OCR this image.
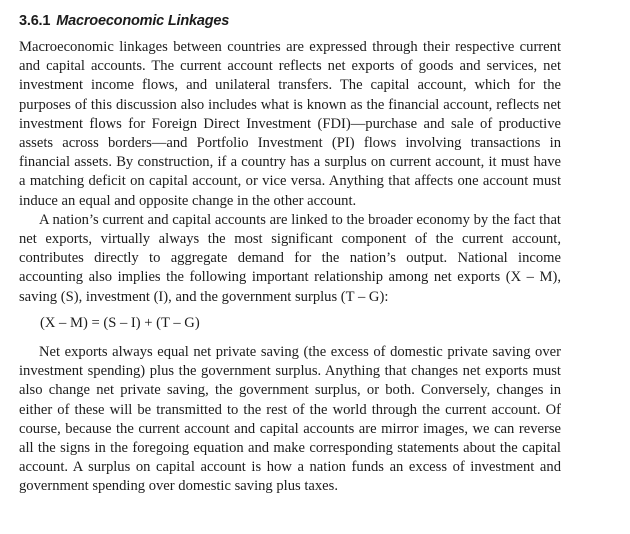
3.6.1 Macroeconomic Linkages

Macroeconomic linkages between countries are expressed through their respective current and capital accounts. The current account reflects net exports of goods and services, net investment income flows, and unilateral transfers. The capital account, which for the purposes of this discussion also includes what is known as the financial account, reflects net investment flows for Foreign Direct Investment (FDI)—purchase and sale of productive assets across borders—and Portfolio Investment (PI) flows involving transactions in financial assets. By construction, if a country has a surplus on current account, it must have a matching deficit on capital account, or vice versa. Anything that affects one account must induce an equal and opposite change in the other account.

A nation’s current and capital accounts are linked to the broader economy by the fact that net exports, virtually always the most significant component of the current account, contributes directly to aggregate demand for the nation’s output. National income accounting also implies the following important relationship among net exports (X – M), saving (S), investment (I), and the government surplus (T – G):

(X – M) = (S – I) + (T – G)

Net exports always equal net private saving (the excess of domestic private saving over investment spending) plus the government surplus. Anything that changes net exports must also change net private saving, the government surplus, or both. Conversely, changes in either of these will be transmitted to the rest of the world through the current account. Of course, because the current account and capital accounts are mirror images, we can reverse all the signs in the foregoing equation and make corresponding statements about the capital account. A surplus on capital account is how a nation funds an excess of investment and government spending over domestic saving plus taxes.
